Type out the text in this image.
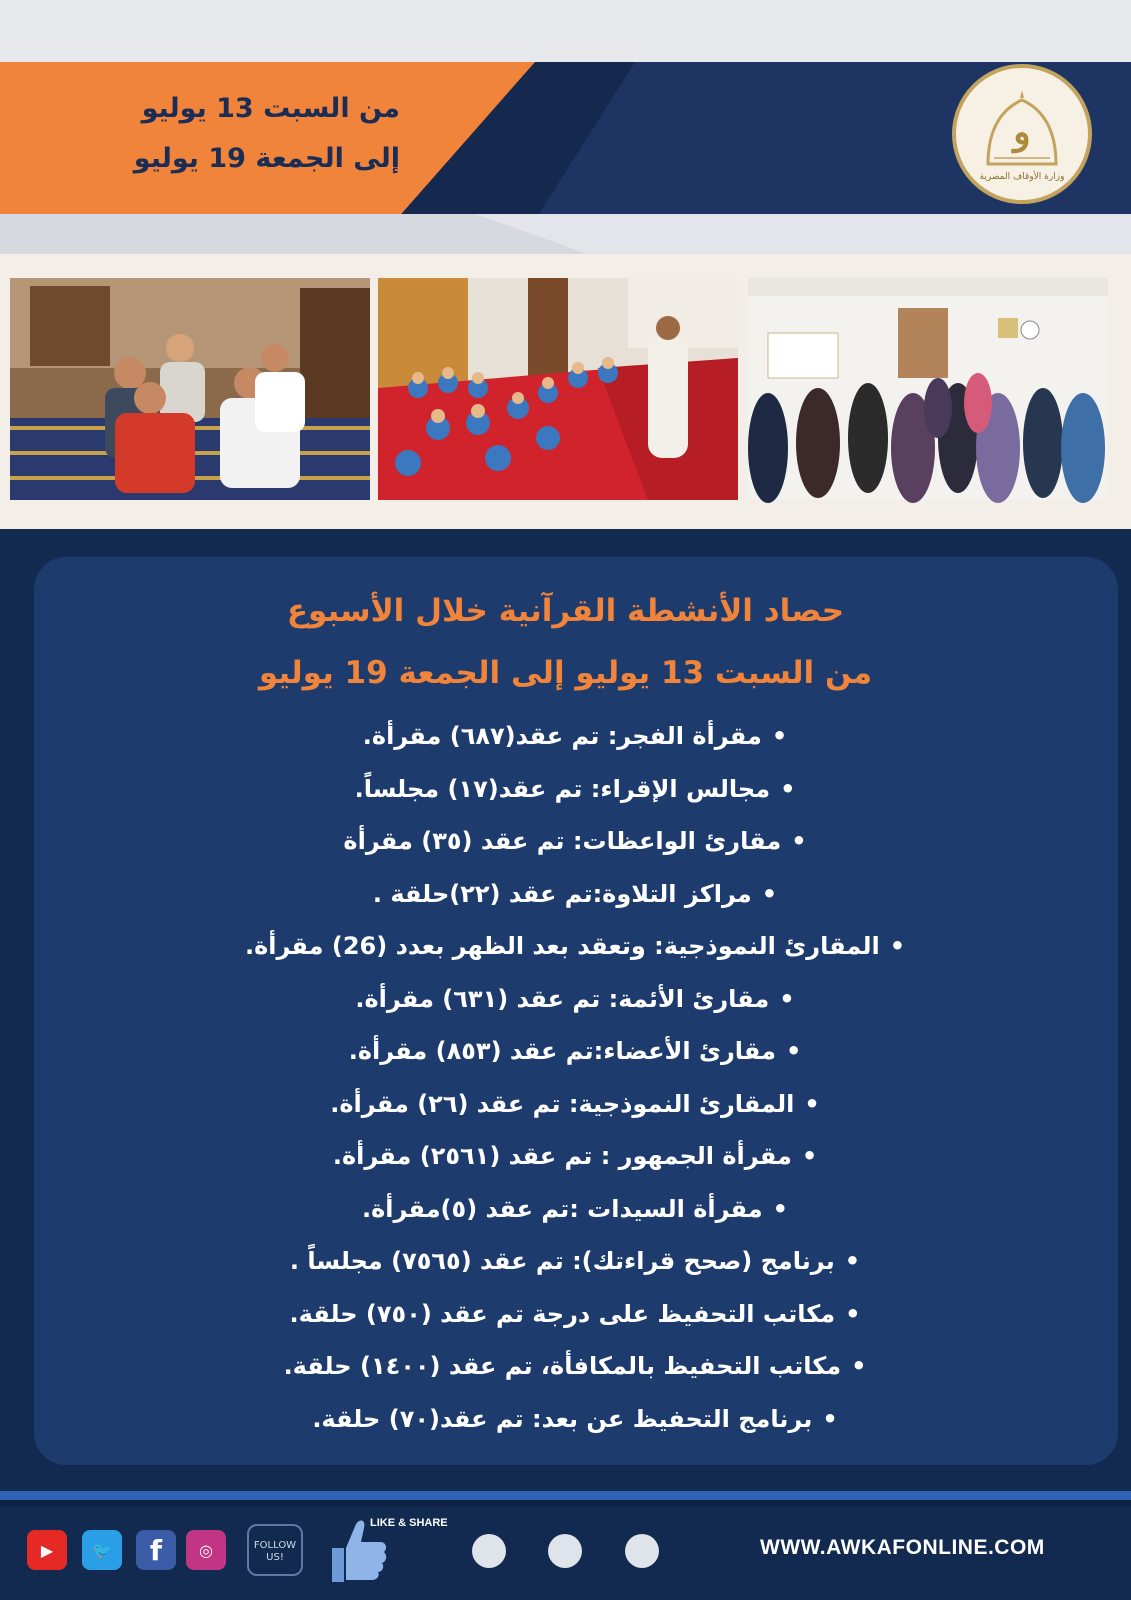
من السبت 13 يوليو
إلى الجمعة 19 يوليو
و
وزارة الأوقاف المصرية
حصاد الأنشطة القرآنية خلال الأسبوع
من السبت 13 يوليو إلى الجمعة 19 يوليو
•مقرأة الفجر: تم عقد(٦٨٧) مقرأة.
•مجالس الإقراء: تم عقد(١٧) مجلساً.
•مقارئ الواعظات: تم عقد (٣٥) مقرأة
•مراكز التلاوة:تم عقد (٢٢)حلقة .
•المقارئ النموذجية: وتعقد بعد الظهر بعدد (26) مقرأة.
•مقارئ الأئمة: تم عقد (٦٣١) مقرأة.
•مقارئ الأعضاء:تم عقد (٨٥٣) مقرأة.
•المقارئ النموذجية: تم عقد (٢٦) مقرأة.
•مقرأة الجمهور : تم عقد (٢٥٦١) مقرأة.
•مقرأة السيدات :تم عقد (٥)مقرأة.
•برنامج (صحح قراءتك): تم عقد (٧٥٦٥) مجلساً .
•مكاتب التحفيظ على درجة تم عقد (٧٥٠) حلقة.
•مكاتب التحفيظ بالمكافأة، تم عقد (١٤٠٠) حلقة.
•برنامج التحفيظ عن بعد: تم عقد(٧٠) حلقة.
▶	🐦	f	◎	FOLLOW US!
LIKE & SHARE
WWW.AWKAFONLINE.COM
